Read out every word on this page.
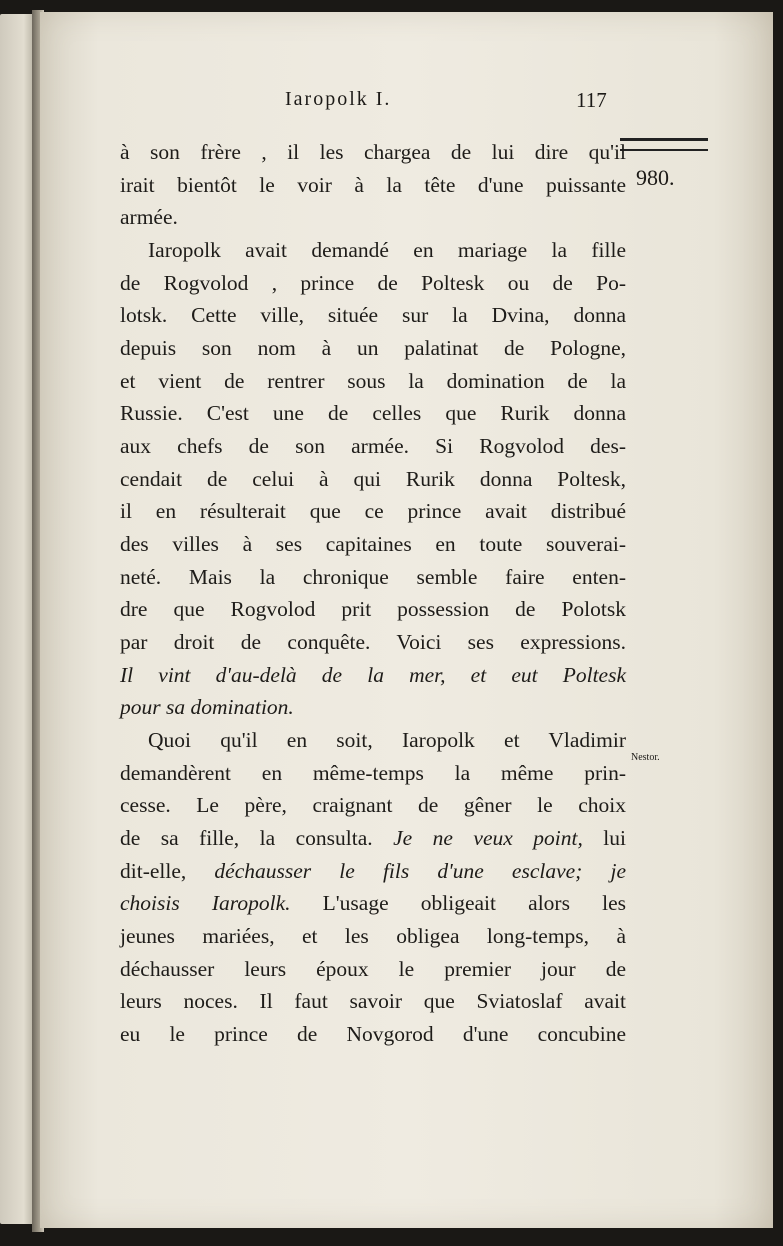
Iaropolk I.	117
980.
Nestor.
à son frère , il les chargea de lui dire qu'il
irait bientôt le voir à la tête d'une puissante
armée.
Iaropolk avait demandé en mariage la fille
de Rogvolod , prince de Poltesk ou de Po-
lotsk. Cette ville, située sur la Dvina, donna
depuis son nom à un palatinat de Pologne,
et vient de rentrer sous la domination de la
Russie. C'est une de celles que Rurik donna
aux chefs de son armée. Si Rogvolod des-
cendait de celui à qui Rurik donna Poltesk,
il en résulterait que ce prince avait distribué
des villes à ses capitaines en toute souverai-
neté. Mais la chronique semble faire enten-
dre que Rogvolod prit possession de Polotsk
par droit de conquête. Voici ses expressions.
Il vint d'au-delà de la mer, et eut Poltesk
pour sa domination.
Quoi qu'il en soit, Iaropolk et Vladimir
demandèrent en même-temps la même prin-
cesse. Le père, craignant de gêner le choix
de sa fille, la consulta. Je ne veux point, lui
dit-elle, déchausser le fils d'une esclave; je
choisis Iaropolk. L'usage obligeait alors les
jeunes mariées, et les obligea long-temps, à
déchausser leurs époux le premier jour de
leurs noces. Il faut savoir que Sviatoslaf avait
eu le prince de Novgorod d'une concubine
